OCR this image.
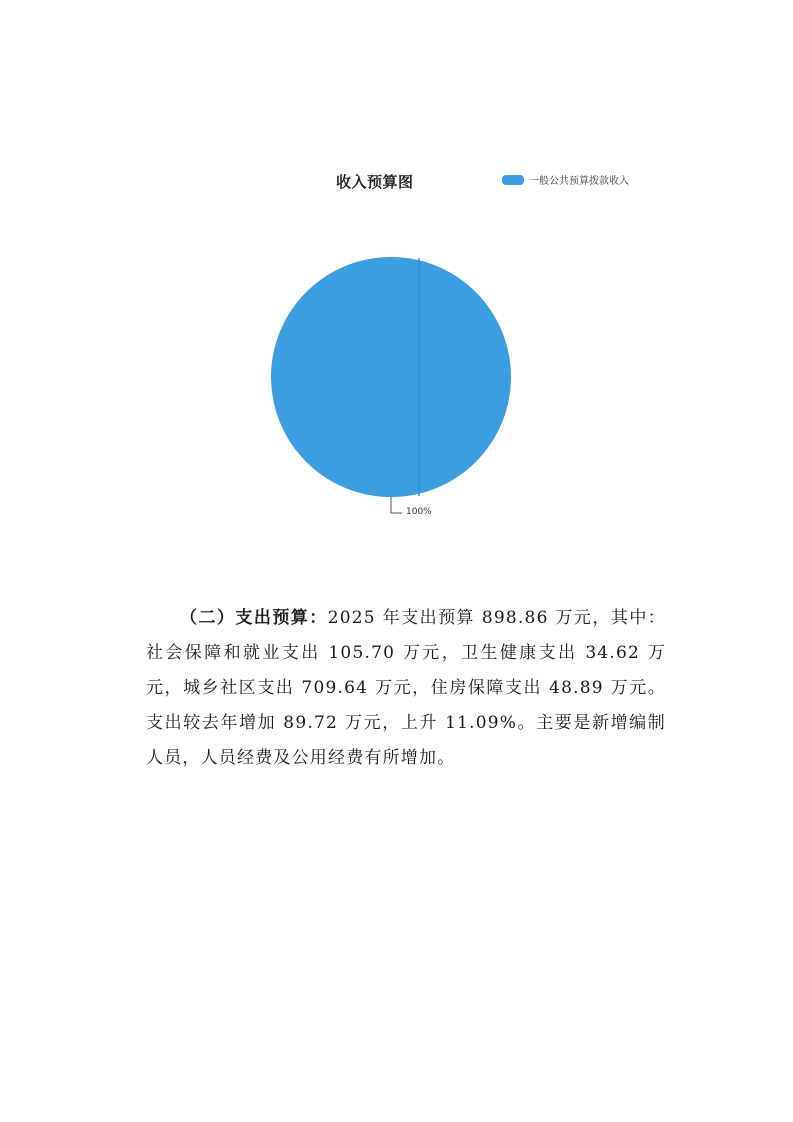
收入预算图	一般公共预算拨款收入
100%

（二）支出预算：2025 年支出预算 898.86 万元，其中：社会保障和就业支出 105.70 万元，卫生健康支出 34.62 万元，城乡社区支出 709.64 万元，住房保障支出 48.89 万元。支出较去年增加 89.72 万元，上升 11.09%。主要是新增编制人员，人员经费及公用经费有所增加。
